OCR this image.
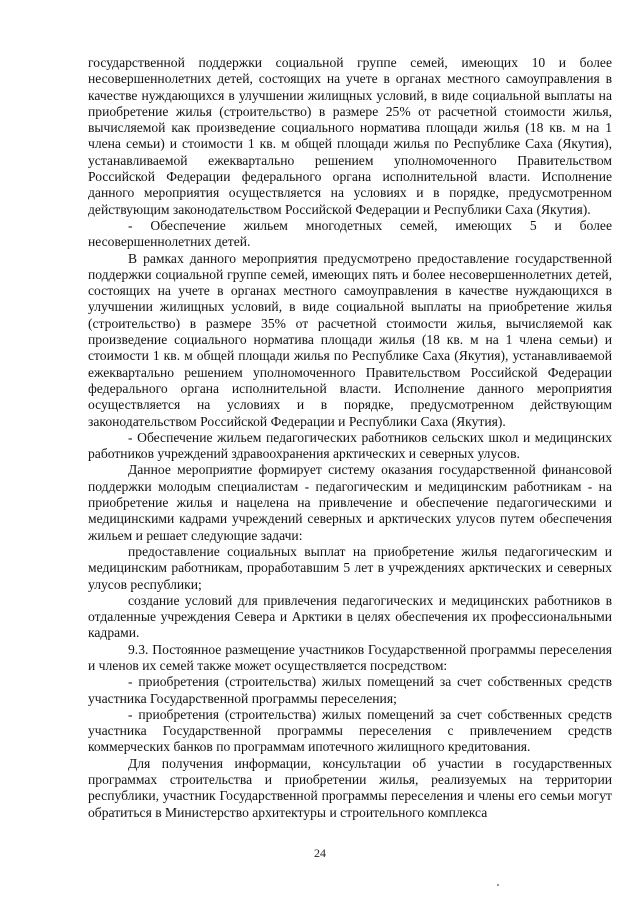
государственной поддержки социальной группе семей, имеющих 10 и более несовершеннолетних детей, состоящих на учете в органах местного самоуправления в качестве нуждающихся в улучшении жилищных условий, в виде социальной выплаты на приобретение жилья (строительство) в размере 25% от расчетной стоимости жилья, вычисляемой как произведение социального норматива площади жилья (18 кв. м на 1 члена семьи) и стоимости 1 кв. м общей площади жилья по Республике Саха (Якутия), устанавливаемой ежеквартально решением уполномоченного Правительством Российской Федерации федерального органа исполнительной власти. Исполнение данного мероприятия осуществляется на условиях и в порядке, предусмотренном действующим законодательством Российской Федерации и Республики Саха (Якутия).

- Обеспечение жильем многодетных семей, имеющих 5 и более несовершеннолетних детей.

В рамках данного мероприятия предусмотрено предоставление государственной поддержки социальной группе семей, имеющих пять и более несовершеннолетних детей, состоящих на учете в органах местного самоуправления в качестве нуждающихся в улучшении жилищных условий, в виде социальной выплаты на приобретение жилья (строительство) в размере 35% от расчетной стоимости жилья, вычисляемой как произведение социального норматива площади жилья (18 кв. м на 1 члена семьи) и стоимости 1 кв. м общей площади жилья по Республике Саха (Якутия), устанавливаемой ежеквартально решением уполномоченного Правительством Российской Федерации федерального органа исполнительной власти. Исполнение данного мероприятия осуществляется на условиях и в порядке, предусмотренном действующим законодательством Российской Федерации и Республики Саха (Якутия).

- Обеспечение жильем педагогических работников сельских школ и медицинских работников учреждений здравоохранения арктических и северных улусов.

Данное мероприятие формирует систему оказания государственной финансовой поддержки молодым специалистам - педагогическим и медицинским работникам - на приобретение жилья и нацелена на привлечение и обеспечение педагогическими и медицинскими кадрами учреждений северных и арктических улусов путем обеспечения жильем и решает следующие задачи:

предоставление социальных выплат на приобретение жилья педагогическим и медицинским работникам, проработавшим 5 лет в учреждениях арктических и северных улусов республики;

создание условий для привлечения педагогических и медицинских работников в отдаленные учреждения Севера и Арктики в целях обеспечения их профессиональными кадрами.

9.3. Постоянное размещение участников Государственной программы переселения и членов их семей также может осуществляется посредством:

- приобретения (строительства) жилых помещений за счет собственных средств участника Государственной программы переселения;

- приобретения (строительства) жилых помещений за счет собственных средств участника Государственной программы переселения с привлечением средств коммерческих банков по программам ипотечного жилищного кредитования.

Для получения информации, консультации об участии в государственных программах строительства и приобретении жилья, реализуемых на территории республики, участник Государственной программы переселения и члены его семьи могут обратиться в Министерство архитектуры и строительного комплекса

24
